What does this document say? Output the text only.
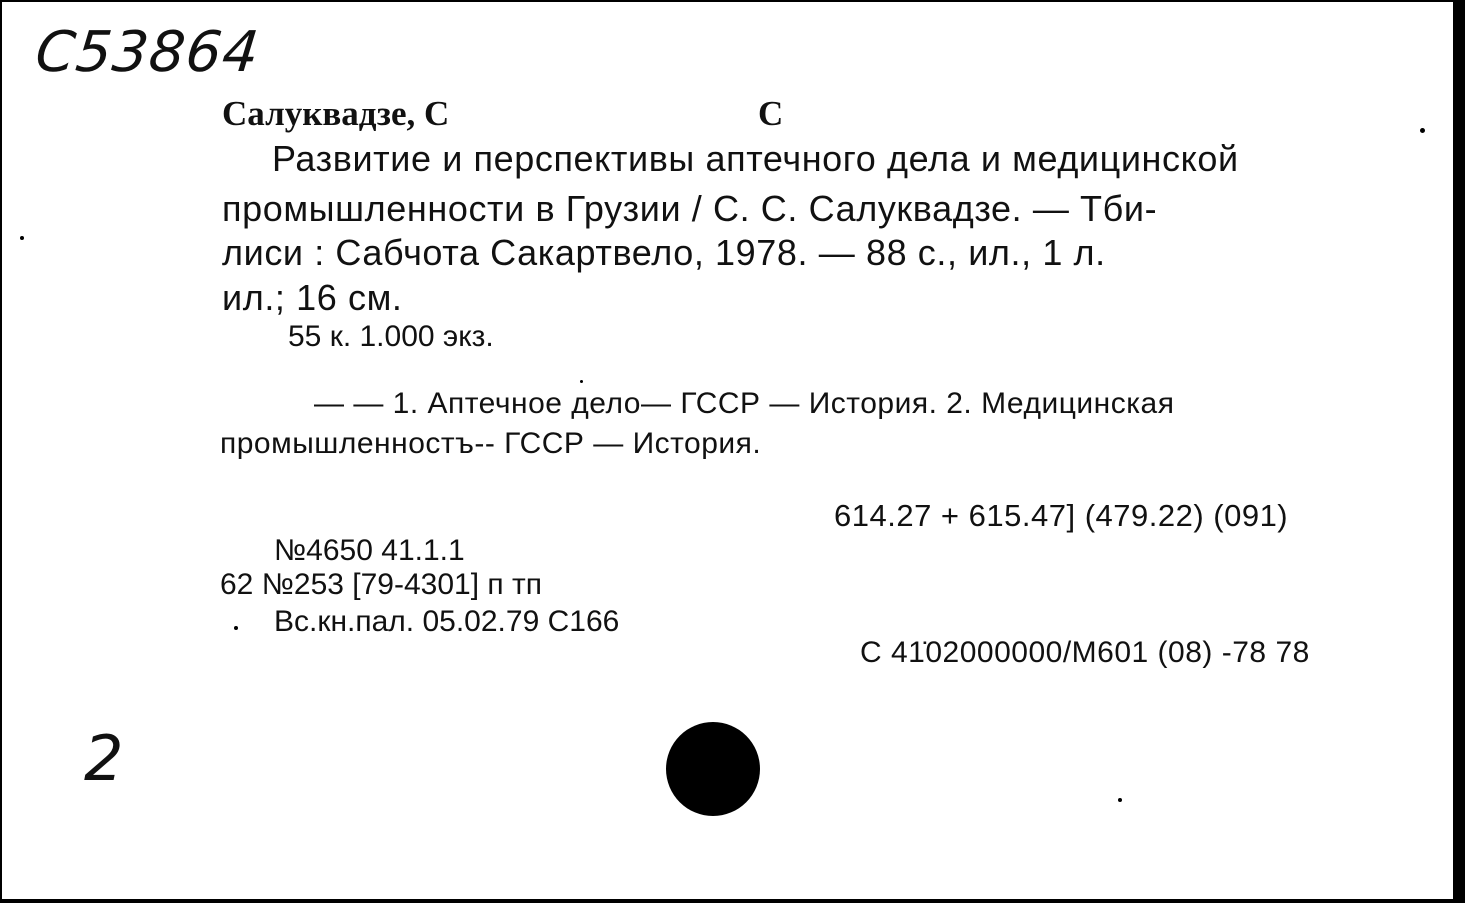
С53864
Салуквадзе, С	С
Развитие и перспективы аптечного дела и медицинской
промышленности в Грузии / С. С. Салуквадзе. — Тби-
лиси : Сабчота Сакартвело, 1978. — 88 с., ил., 1 л.
ил.; 16 см.
55 к. 1.000 экз.
— — 1. Аптечное дело— ГССР — История. 2. Медицинская
промышленностъ-- ГССР — История.
614.27 + 615.47] (479.22) (091)
№4650 41.1.1
62 №253 [79-4301] п тп
Вс.кн.пал. 05.02.79 С166
С 41̇02000000/М601 (08) -78 78
2
